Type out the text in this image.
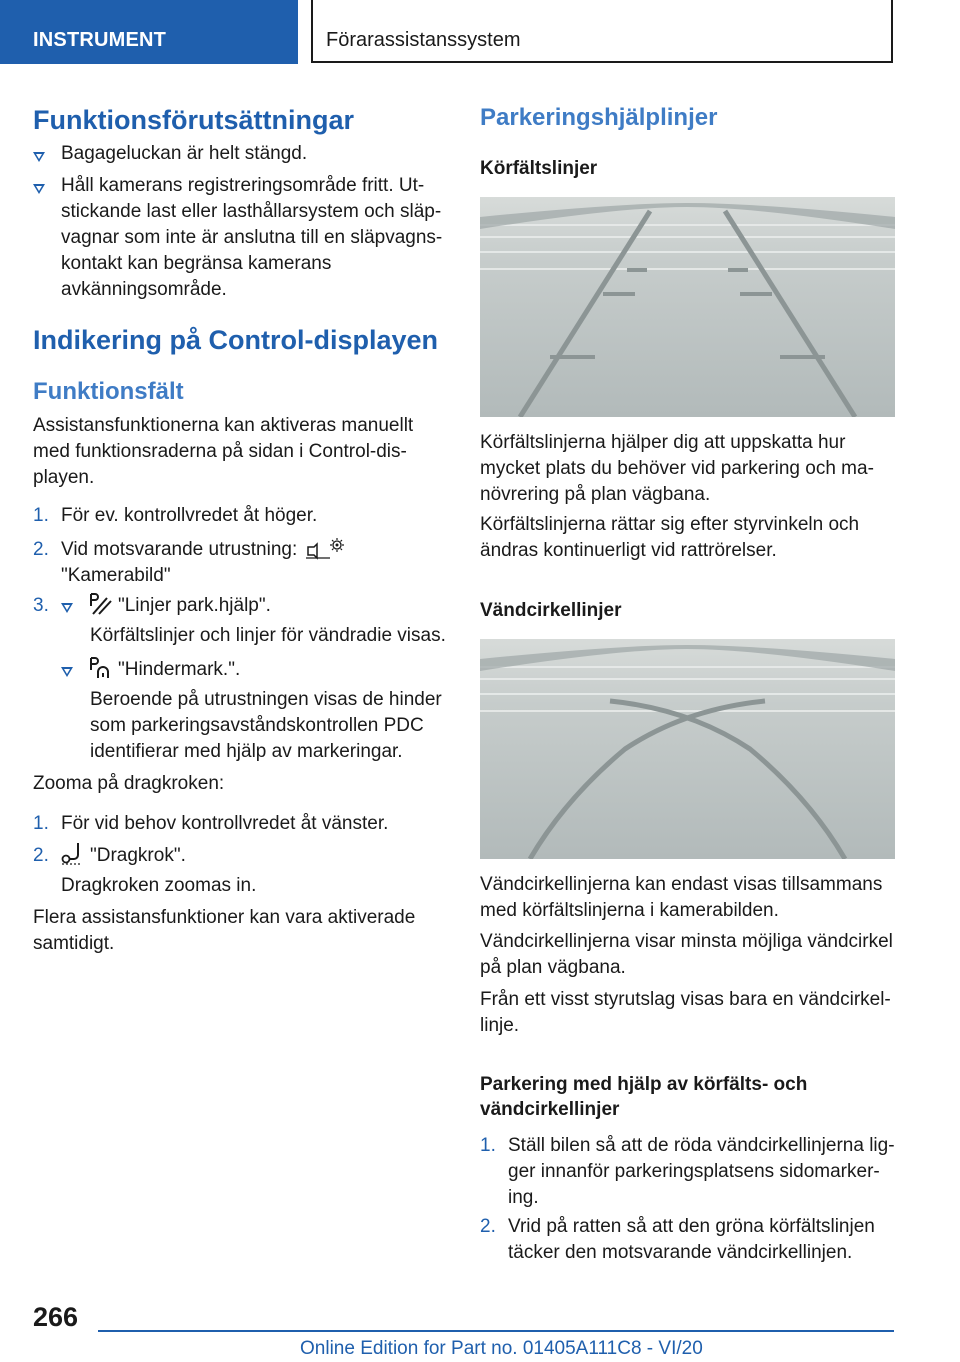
INSTRUMENT	Förarassistanssystem
Funktionsförutsättningar
Bagageluckan är helt stängd.
Håll kamerans registreringsområde fritt. Ut-
stickande last eller lasthållarsystem och släp-
vagnar som inte är anslutna till en släpvagns-
kontakt kan begränsa kamerans
avkänningsområde.
Indikering på Control-displayen
Funktionsfält
Assistansfunktionerna kan aktiveras manuellt
med funktionsraderna på sidan i Control-dis-
playen.
1. För ev. kontrollvredet åt höger.
2. Vid motsvarande utrustning:
"Kamerabild"
3.	"Linjer park.hjälp".
Körfältslinjer och linjer för vändradie visas.
"Hindermark.".
Beroende på utrustningen visas de hinder
som parkeringsavståndskontrollen PDC
identifierar med hjälp av markeringar.
Zooma på dragkroken:
1. För vid behov kontrollvredet åt vänster.
2. "Dragkrok".
Dragkroken zoomas in.
Flera assistansfunktioner kan vara aktiverade
samtidigt.
Parkeringshjälplinjer
Körfältslinjer
Körfältslinjerna hjälper dig att uppskatta hur
mycket plats du behöver vid parkering och ma-
növrering på plan vägbana.
Körfältslinjerna rättar sig efter styrvinkeln och
ändras kontinuerligt vid rattrörelser.
Vändcirkellinjer
Vändcirkellinjerna kan endast visas tillsammans
med körfältslinjerna i kamerabilden.
Vändcirkellinjerna visar minsta möjliga vändcirkel
på plan vägbana.
Från ett visst styrutslag visas bara en vändcirkel-
linje.
Parkering med hjälp av körfälts- och
vändcirkellinjer
1. Ställ bilen så att de röda vändcirkellinjerna lig-
ger innanför parkeringsplatsens sidomarker-
ing.
2. Vrid på ratten så att den gröna körfältslinjen
täcker den motsvarande vändcirkellinjen.
266
Online Edition for Part no. 01405A111C8 - VI/20
